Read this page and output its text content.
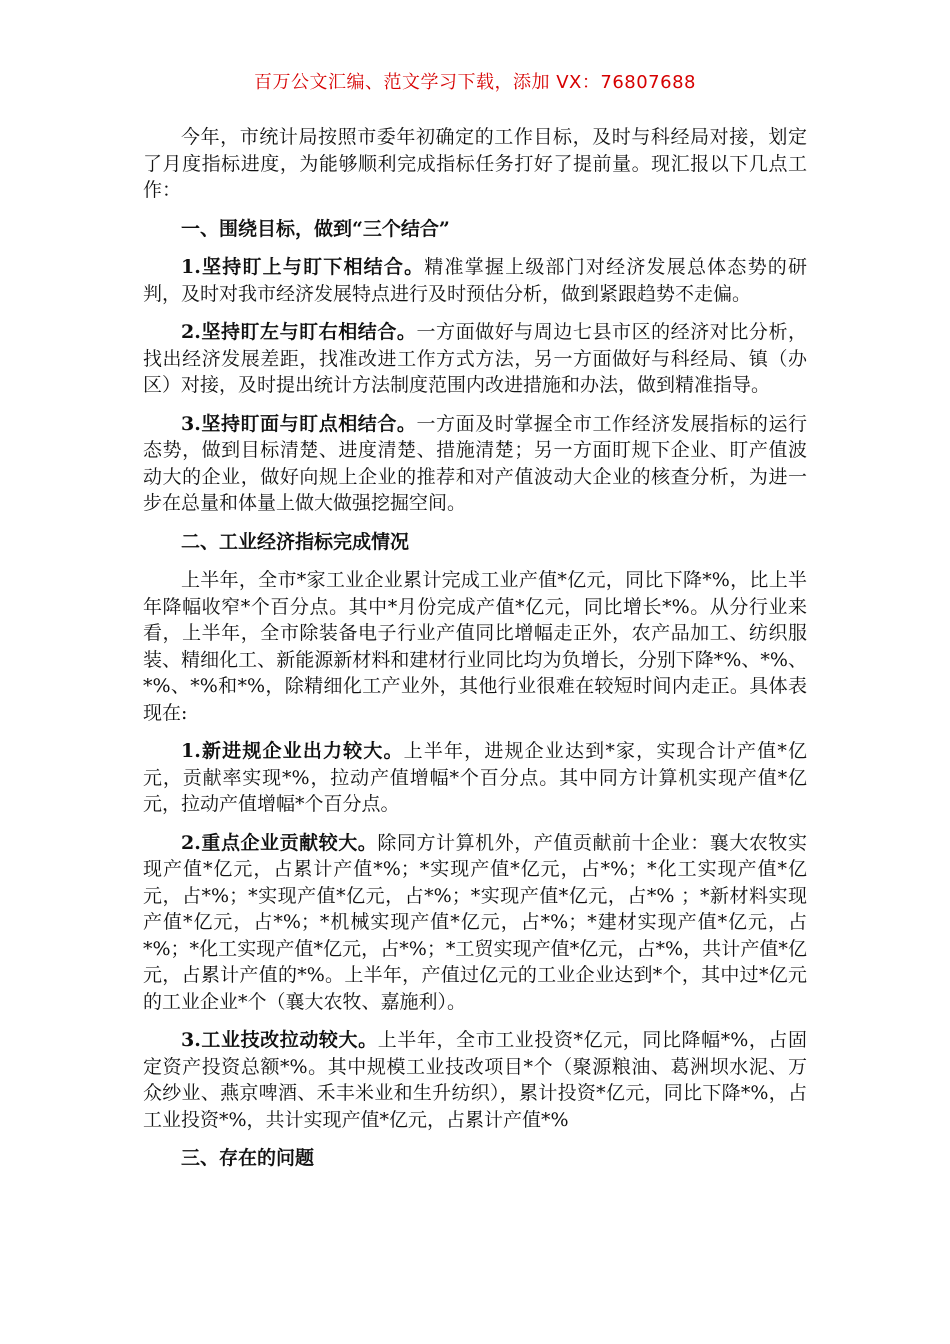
百万公文汇编、范文学习下载，添加 VX：76807688

今年，市统计局按照市委年初确定的工作目标，及时与科经局对接，划定了月度指标进度，为能够顺利完成指标任务打好了提前量。现汇报以下几点工作：

一、围绕目标，做到“三个结合”

1.坚持盯上与盯下相结合。精准掌握上级部门对经济发展总体态势的研判，及时对我市经济发展特点进行及时预估分析，做到紧跟趋势不走偏。

2.坚持盯左与盯右相结合。一方面做好与周边七县市区的经济对比分析，找出经济发展差距，找准改进工作方式方法，另一方面做好与科经局、镇（办区）对接，及时提出统计方法制度范围内改进措施和办法，做到精准指导。

3.坚持盯面与盯点相结合。一方面及时掌握全市工作经济发展指标的运行态势，做到目标清楚、进度清楚、措施清楚；另一方面盯规下企业、盯产值波动大的企业，做好向规上企业的推荐和对产值波动大企业的核查分析，为进一步在总量和体量上做大做强挖掘空间。

二、工业经济指标完成情况

上半年，全市*家工业企业累计完成工业产值*亿元，同比下降*%，比上半年降幅收窄*个百分点。其中*月份完成产值*亿元，同比增长*%。从分行业来看，上半年，全市除装备电子行业产值同比增幅走正外，农产品加工、纺织服装、精细化工、新能源新材料和建材行业同比均为负增长，分别下降*%、*%、*%、*%和*%，除精细化工产业外，其他行业很难在较短时间内走正。具体表现在:

1.新进规企业出力较大。上半年，进规企业达到*家，实现合计产值*亿元，贡献率实现*%，拉动产值增幅*个百分点。其中同方计算机实现产值*亿元，拉动产值增幅*个百分点。

2.重点企业贡献较大。除同方计算机外，产值贡献前十企业：襄大农牧实现产值*亿元，占累计产值*%；*实现产值*亿元，占*%；*化工实现产值*亿元，占*%；*实现产值*亿元，占*%；*实现产值*亿元，占*% ；*新材料实现产值*亿元，占*%；*机械实现产值*亿元，占*%；*建材实现产值*亿元，占*%；*化工实现产值*亿元，占*%；*工贸实现产值*亿元，占*%，共计产值*亿元，占累计产值的*%。上半年，产值过亿元的工业企业达到*个，其中过*亿元的工业企业*个（襄大农牧、嘉施利）。

3.工业技改拉动较大。上半年，全市工业投资*亿元，同比降幅*%，占固定资产投资总额*%。其中规模工业技改项目*个（聚源粮油、葛洲坝水泥、万众纱业、燕京啤酒、禾丰米业和生升纺织），累计投资*亿元，同比下降*%，占工业投资*%，共计实现产值*亿元，占累计产值*%

三、存在的问题
